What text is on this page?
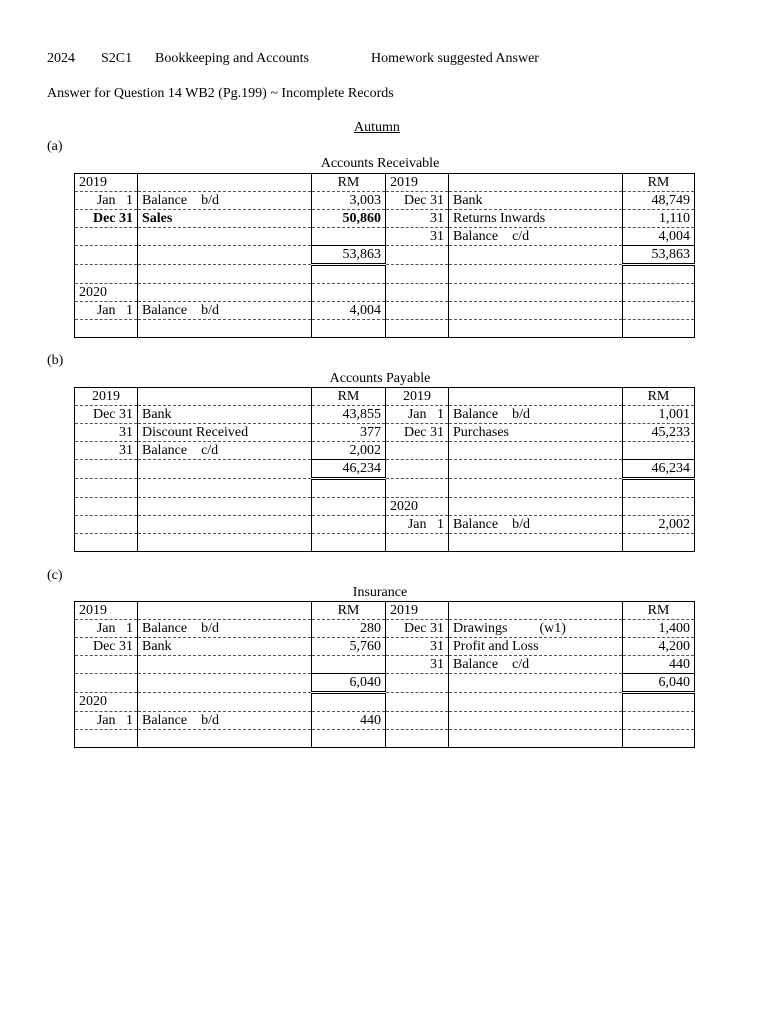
2024 S2C1 Bookkeeping and Accounts	Homework suggested Answer
Answer for Question 14 WB2 (Pg.199) ~ Incomplete Records
Autumn
(a)
Accounts Receivable
2019		RM	2019		RM
Jan   1	Balance    b/d	3,003	Dec 31	Bank	48,749
Dec 31	Sales	50,860	31	Returns Inwards	1,110
			31	Balance    c/d	4,004
		53,863			53,863

2020					
Jan   1	Balance    b/d	4,004			

(b)
Accounts Payable
2019		RM	2019		RM
Dec 31	Bank	43,855	Jan   1	Balance    b/d	1,001
31	Discount Received	377	Dec 31	Purchases	45,233
31	Balance    c/d	2,002			
		46,234			46,234

			2020		
			Jan   1	Balance    b/d	2,002

(c)
Insurance
2019		RM	2019		RM
Jan   1	Balance    b/d	280	Dec 31	Drawings (w1)	1,400
Dec 31	Bank	5,760	31	Profit and Loss	4,200
			31	Balance    c/d	440
		6,040			6,040
2020					
Jan   1	Balance    b/d	440			
